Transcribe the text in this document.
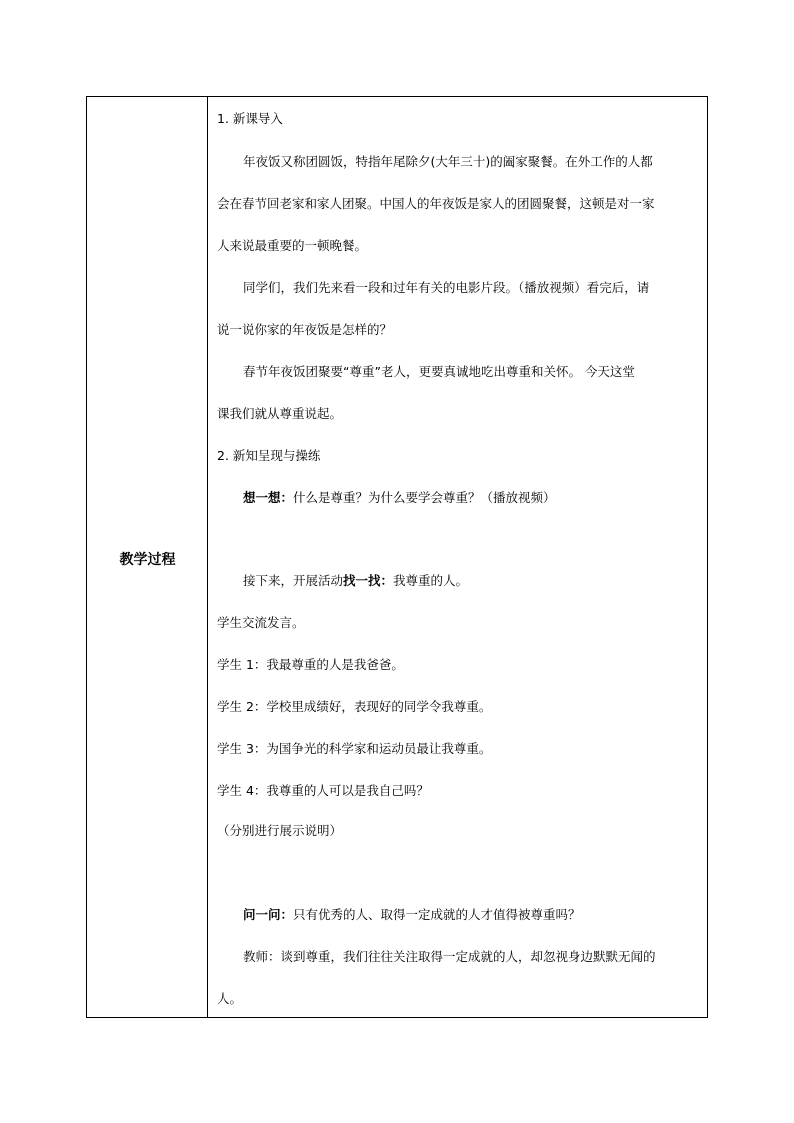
教学过程
1. 新课导入
年夜饭又称团圆饭，特指年尾除夕(大年三十)的阖家聚餐。在外工作的人都
会在春节回老家和家人团聚。中国人的年夜饭是家人的团圆聚餐，这顿是对一家
人来说最重要的一顿晚餐。
同学们，我们先来看一段和过年有关的电影片段。（播放视频）看完后，请
说一说你家的年夜饭是怎样的？
春节年夜饭团聚要“尊重”老人，更要真诚地吃出尊重和关怀。 今天这堂
课我们就从尊重说起。
2. 新知呈现与操练
想一想：什么是尊重？为什么要学会尊重？（播放视频）
接下来，开展活动找一找：我尊重的人。
学生交流发言。
学生 1：我最尊重的人是我爸爸。
学生 2：学校里成绩好，表现好的同学令我尊重。
学生 3：为国争光的科学家和运动员最让我尊重。
学生 4：我尊重的人可以是我自己吗？
（分别进行展示说明）
问一问：只有优秀的人、取得一定成就的人才值得被尊重吗？
教师：谈到尊重，我们往往关注取得一定成就的人，却忽视身边默默无闻的
人。
